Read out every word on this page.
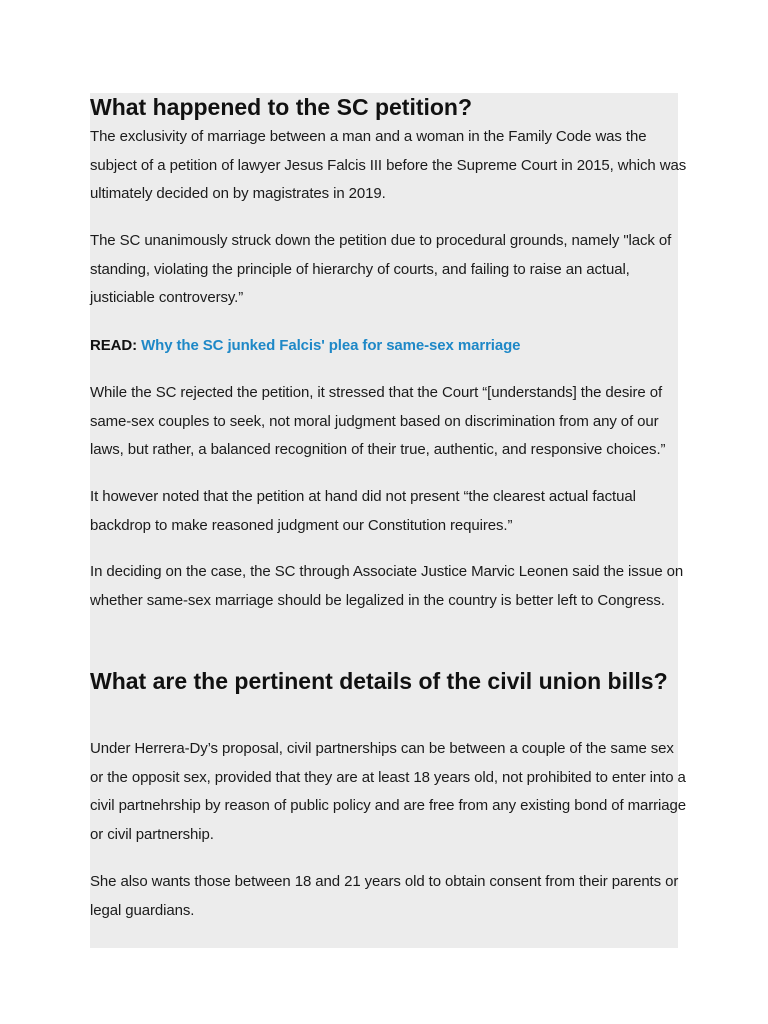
What happened to the SC petition?

The exclusivity of marriage between a man and a woman in the Family Code was the subject of a petition of lawyer Jesus Falcis III before the Supreme Court in 2015, which was ultimately decided on by magistrates in 2019.

The SC unanimously struck down the petition due to procedural grounds, namely "lack of standing, violating the principle of hierarchy of courts, and failing to raise an actual, justiciable controversy.”

READ: Why the SC junked Falcis' plea for same-sex marriage

While the SC rejected the petition, it stressed that the Court “[understands] the desire of same-sex couples to seek, not moral judgment based on discrimination from any of our laws, but rather, a balanced recognition of their true, authentic, and responsive choices.”

It however noted that the petition at hand did not present “the clearest actual factual backdrop to make reasoned judgment our Constitution requires.”

In deciding on the case, the SC through Associate Justice Marvic Leonen said the issue on whether same-sex marriage should be legalized in the country is better left to Congress.

What are the pertinent details of the civil union bills?

Under Herrera-Dy’s proposal, civil partnerships can be between a couple of the same sex or the opposit sex, provided that they are at least 18 years old, not prohibited to enter into a civil partnehrship by reason of public policy and are free from any existing bond of marriage or civil partnership.

She also wants those between 18 and 21 years old to obtain consent from their parents or legal guardians.
